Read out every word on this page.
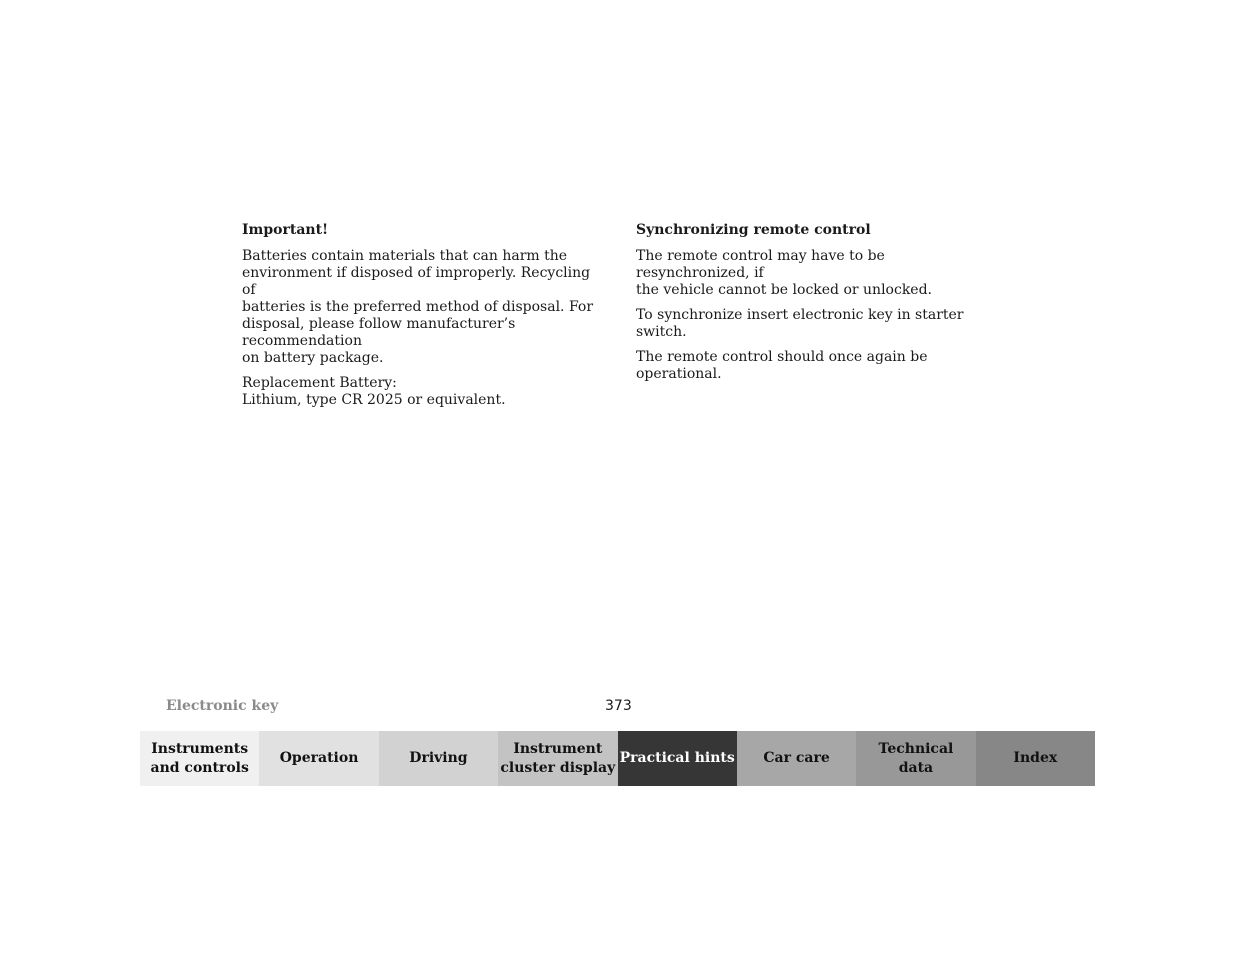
Important!

Batteries contain materials that can harm the
environment if disposed of improperly. Recycling of
batteries is the preferred method of disposal. For
disposal, please follow manufacturer’s recommendation
on battery package.

Replacement Battery:
Lithium, type CR 2025 or equivalent.

Synchronizing remote control

The remote control may have to be resynchronized, if
the vehicle cannot be locked or unlocked.

To synchronize insert electronic key in starter switch.

The remote control should once again be operational.

Electronic key	373
Instruments
and controls
Operation	Driving
Instrument
cluster display
Practical hints Car care
Technical
data
Index
